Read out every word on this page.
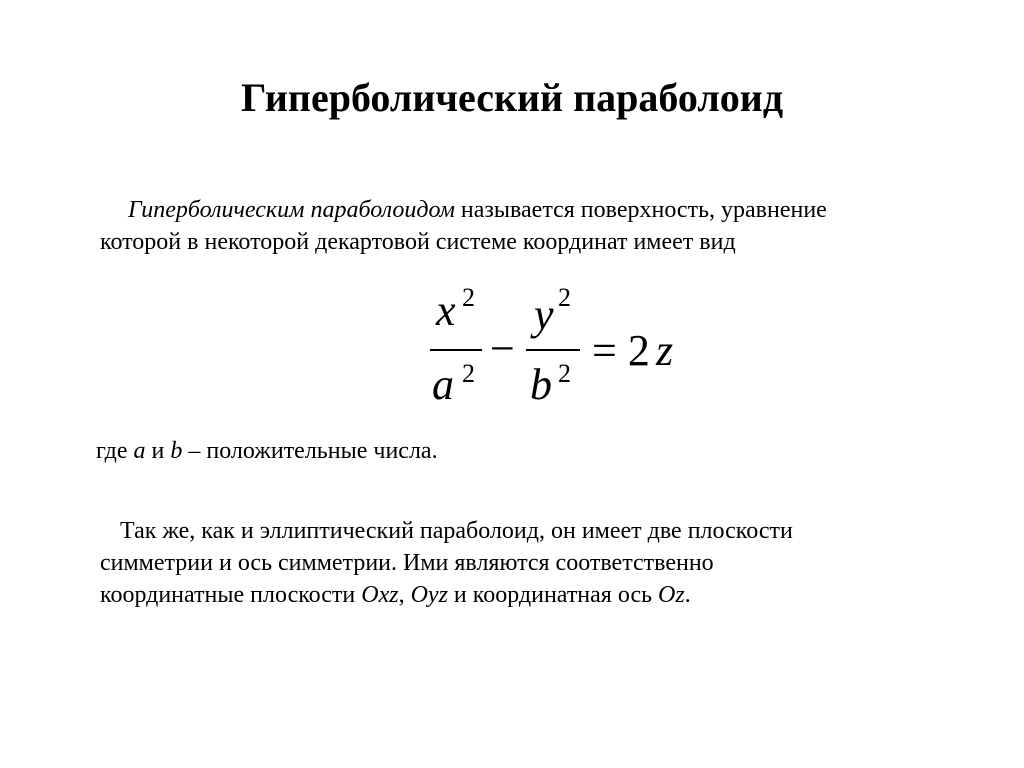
Гиперболический параболоид
Гиперболическим параболоидом называется поверхность, уравнение
которой в некоторой декартовой системе координат имеет вид
x 2
a 2
−
y 2
b 2 = 2 z
где a и b – положительные числа.
Так же, как и эллиптический параболоид, он имеет две плоскости
симметрии и ось симметрии. Ими являются соответственно
координатные плоскости Oxz, Oyz и координатная ось Oz.
